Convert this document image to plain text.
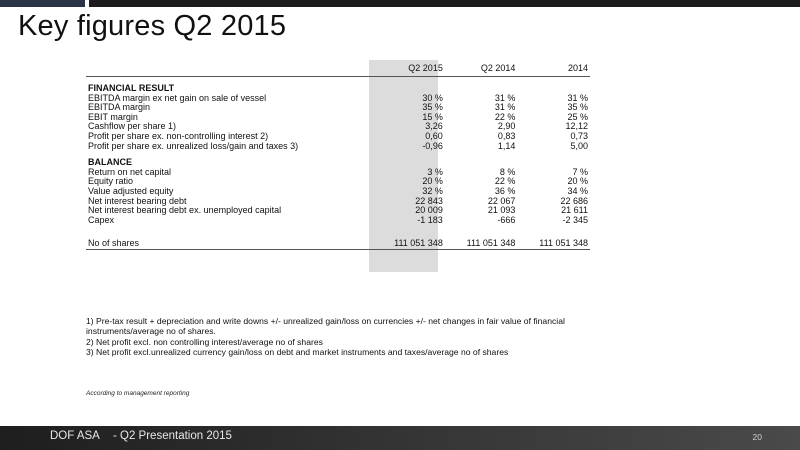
Key figures Q2 2015
	Q2 2015	Q2 2014	2014

FINANCIAL RESULT			
EBITDA margin ex net gain on sale of vessel	30 %	31 %	31 %
EBITDA margin	35 %	31 %	35 %
EBIT margin	15 %	22 %	25 %
Cashflow per share 1)	3,26	2,90	12,12
Profit per share ex. non-controlling interest 2)	0,60	0,83	0,73
Profit per share ex. unrealized loss/gain and taxes 3)	-0,96	1,14	5,00

BALANCE			
Return on net capital	3 %	8 %	7 %
Equity ratio	20 %	22 %	20 %
Value adjusted equity	32 %	36 %	34 %
Net interest bearing debt	22 843	22 067	22 686
Net interest bearing debt ex. unemployed capital	20 009	21 093	21 611
Capex	-1 183	-666	-2 345

No of shares	111 051 348	111 051 348	111 051 348

1) Pre-tax result + depreciation and write downs +/- unrealized gain/loss on currencies +/- net changes in fair value of financial instruments/average no of shares.

2) Net profit excl. non controlling interest/average no of shares

3) Net profit excl.unrealized currency gain/loss on debt and market instruments and taxes/average no of shares

According to management reporting
DOF ASA - Q2 Presentation 2015	20
